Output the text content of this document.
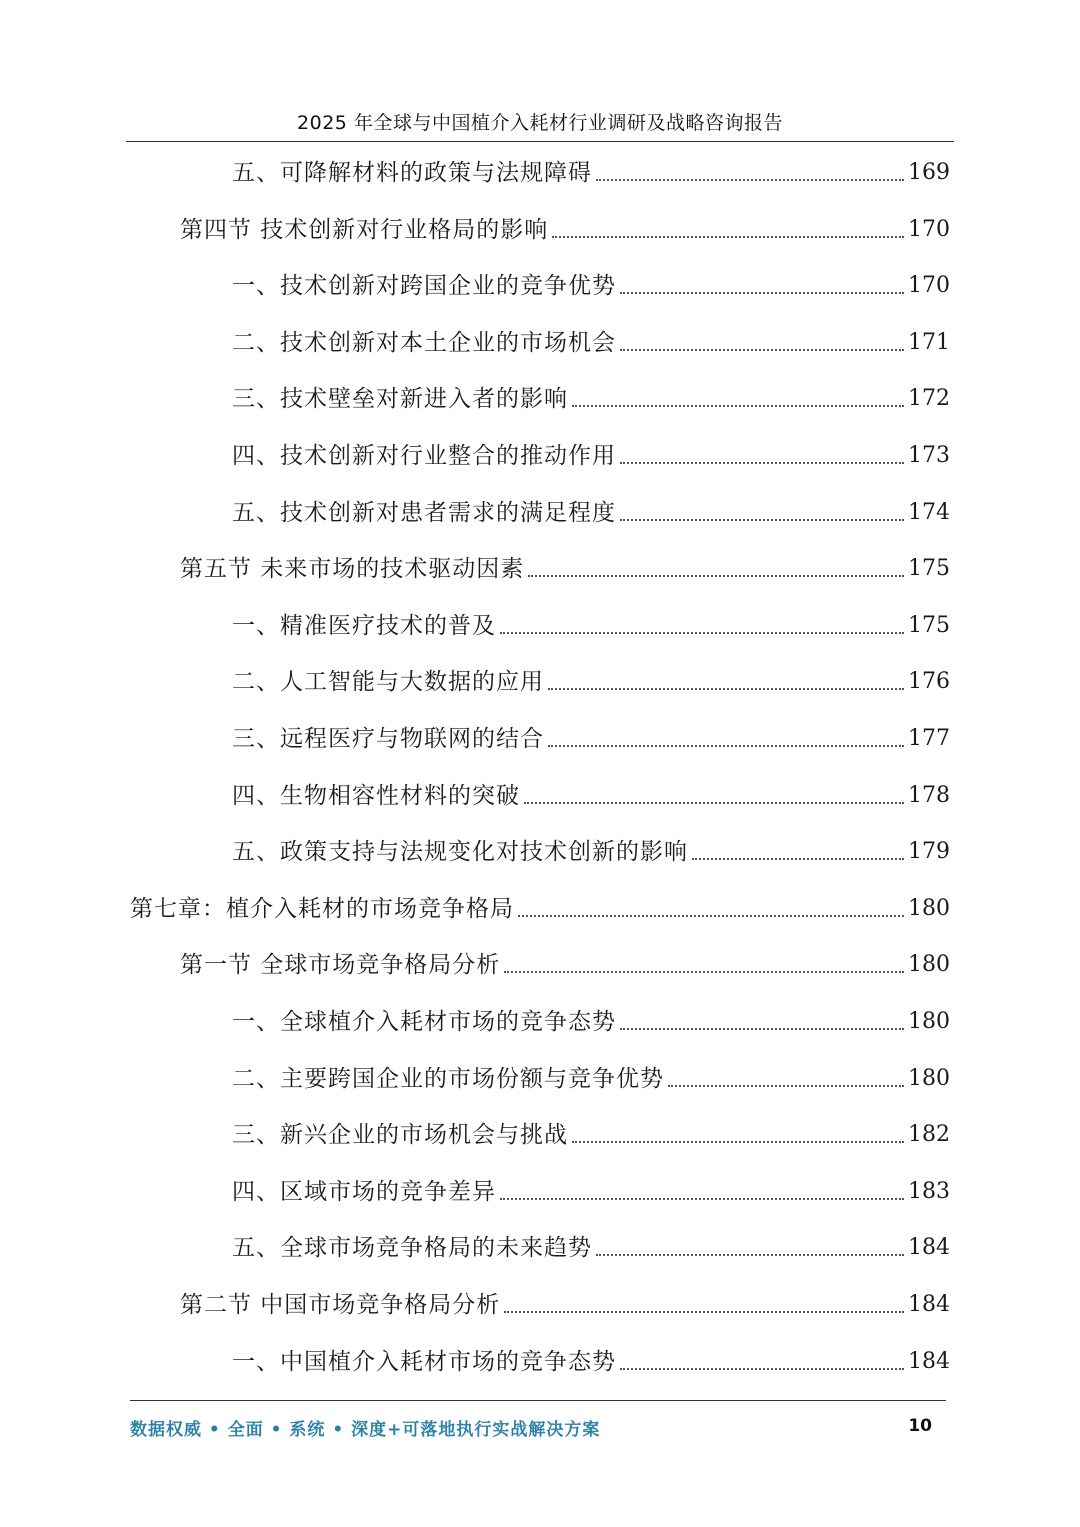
2025 年全球与中国植介入耗材行业调研及战略咨询报告
五、可降解材料的政策与法规障碍	169
第四节 技术创新对行业格局的影响	170
一、技术创新对跨国企业的竞争优势	170
二、技术创新对本土企业的市场机会	171
三、技术壁垒对新进入者的影响	172
四、技术创新对行业整合的推动作用	173
五、技术创新对患者需求的满足程度	174
第五节 未来市场的技术驱动因素	175
一、精准医疗技术的普及	175
二、人工智能与大数据的应用	176
三、远程医疗与物联网的结合	177
四、生物相容性材料的突破	178
五、政策支持与法规变化对技术创新的影响	179
第七章：植介入耗材的市场竞争格局	180
第一节 全球市场竞争格局分析	180
一、全球植介入耗材市场的竞争态势	180
二、主要跨国企业的市场份额与竞争优势	180
三、新兴企业的市场机会与挑战	182
四、区域市场的竞争差异	183
五、全球市场竞争格局的未来趋势	184
第二节 中国市场竞争格局分析	184
一、中国植介入耗材市场的竞争态势	184
数据权威 • 全面 • 系统 • 深度+可落地执行实战解决方案	10
